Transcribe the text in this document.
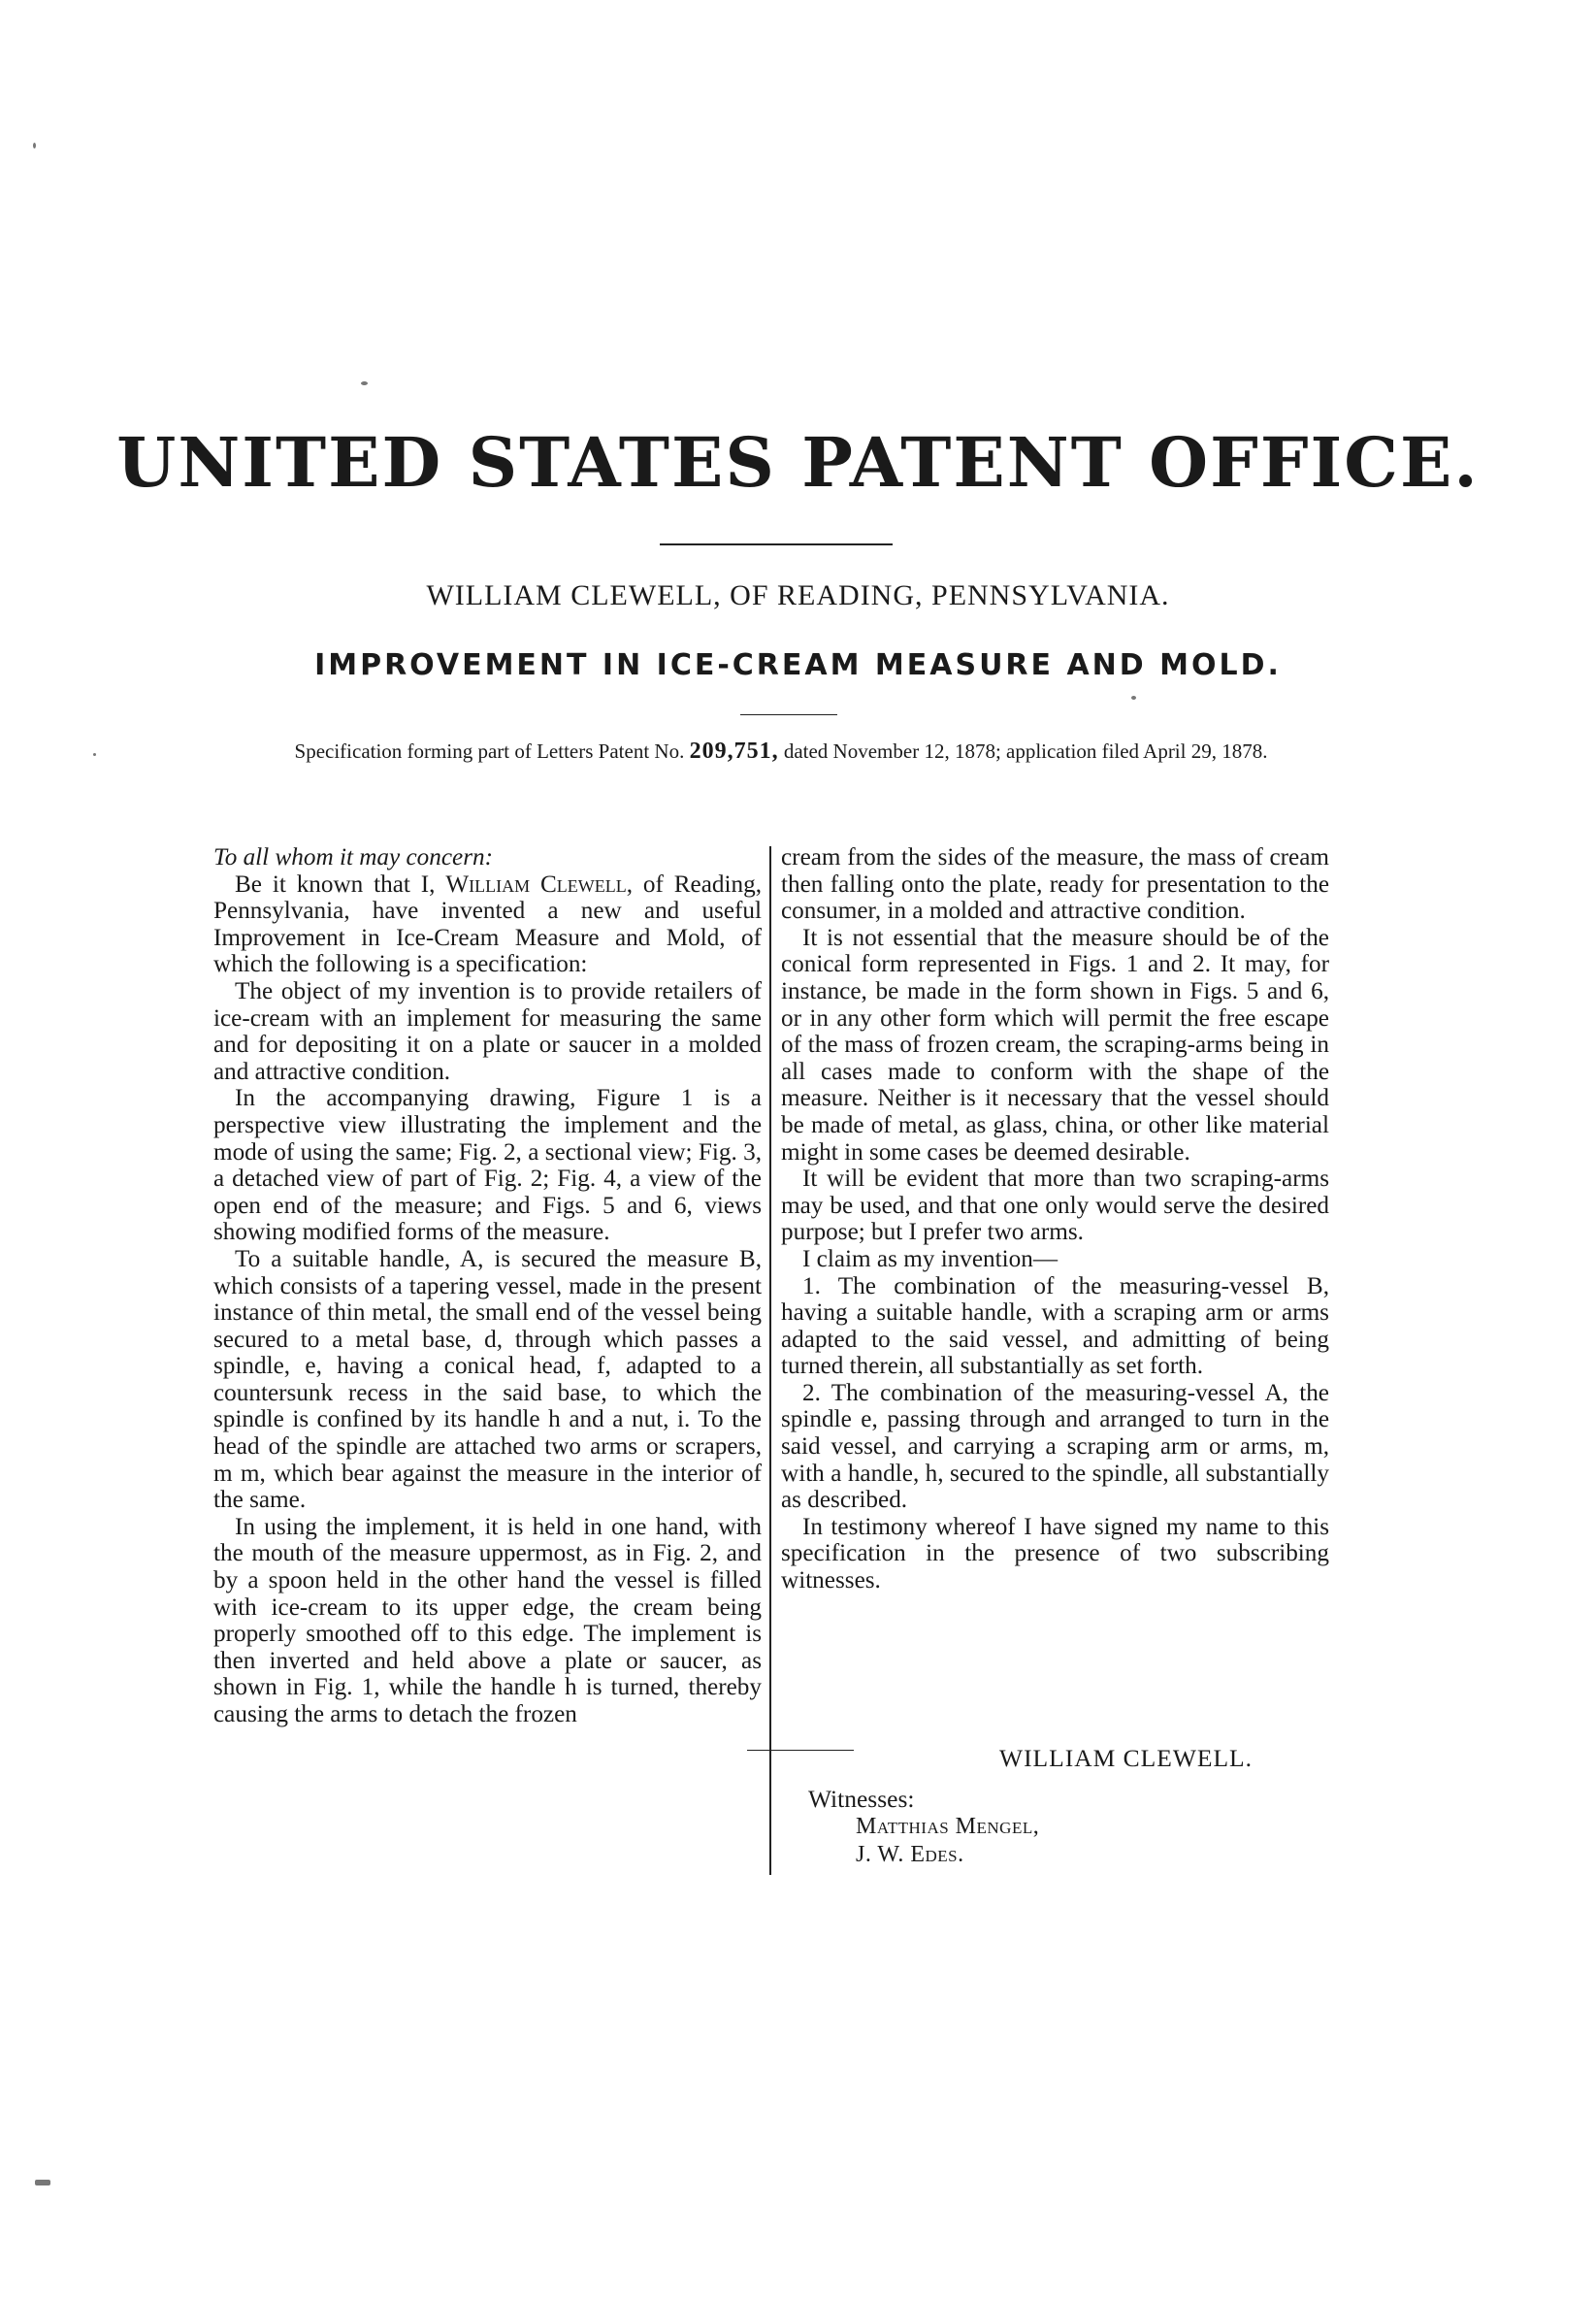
UNITED STATES PATENT OFFICE.
WILLIAM CLEWELL, OF READING, PENNSYLVANIA.
IMPROVEMENT IN ICE-CREAM MEASURE AND MOLD.
Specification forming part of Letters Patent No. 209,751, dated November 12, 1878; application filed April 29, 1878.

To all whom it may concern:

Be it known that I, William Clewell, of Reading, Pennsylvania, have invented a new and useful Improvement in Ice-Cream Measure and Mold, of which the following is a specification:

The object of my invention is to provide retailers of ice-cream with an implement for measuring the same and for depositing it on a plate or saucer in a molded and attractive condition.

In the accompanying drawing, Figure 1 is a perspective view illustrating the implement and the mode of using the same; Fig. 2, a sectional view; Fig. 3, a detached view of part of Fig. 2; Fig. 4, a view of the open end of the measure; and Figs. 5 and 6, views showing modified forms of the measure.

To a suitable handle, A, is secured the measure B, which consists of a tapering vessel, made in the present instance of thin metal, the small end of the vessel being secured to a metal base, d, through which passes a spindle, e, having a conical head, f, adapted to a countersunk recess in the said base, to which the spindle is confined by its handle h and a nut, i. To the head of the spindle are attached two arms or scrapers, m m, which bear against the measure in the interior of the same.

In using the implement, it is held in one hand, with the mouth of the measure uppermost, as in Fig. 2, and by a spoon held in the other hand the vessel is filled with ice-cream to its upper edge, the cream being properly smoothed off to this edge. The implement is then inverted and held above a plate or saucer, as shown in Fig. 1, while the handle h is turned, thereby causing the arms to detach the frozen

cream from the sides of the measure, the mass of cream then falling onto the plate, ready for presentation to the consumer, in a molded and attractive condition.

It is not essential that the measure should be of the conical form represented in Figs. 1 and 2. It may, for instance, be made in the form shown in Figs. 5 and 6, or in any other form which will permit the free escape of the mass of frozen cream, the scraping-arms being in all cases made to conform with the shape of the measure. Neither is it necessary that the vessel should be made of metal, as glass, china, or other like material might in some cases be deemed desirable.

It will be evident that more than two scraping-arms may be used, and that one only would serve the desired purpose; but I prefer two arms.

I claim as my invention—

1. The combination of the measuring-vessel B, having a suitable handle, with a scraping arm or arms adapted to the said vessel, and admitting of being turned therein, all substantially as set forth.

2. The combination of the measuring-vessel A, the spindle e, passing through and arranged to turn in the said vessel, and carrying a scraping arm or arms, m, with a handle, h, secured to the spindle, all substantially as described.

In testimony whereof I have signed my name to this specification in the presence of two subscribing witnesses.

WILLIAM CLEWELL.
Witnesses:
Matthias Mengel,
J. W. Edes.
